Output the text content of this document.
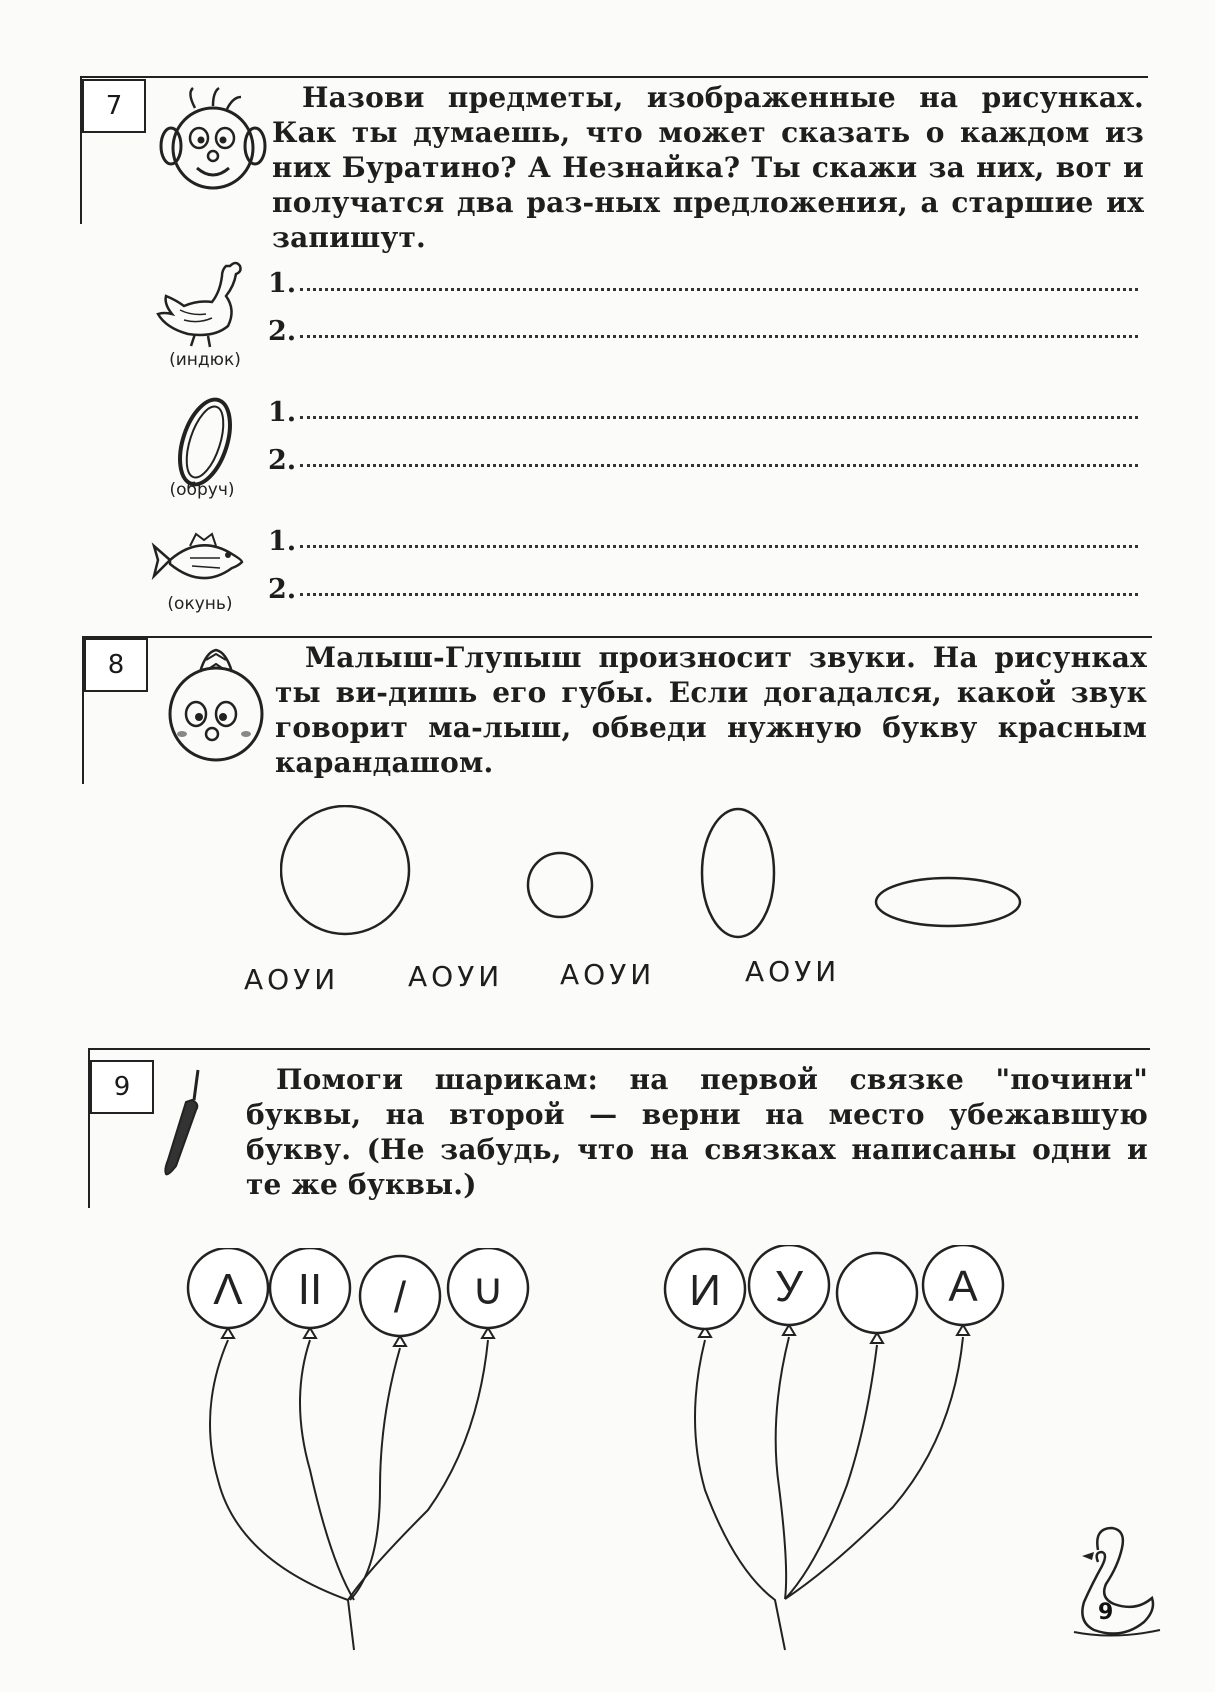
7	Назови предметы, изображенные на рисунках. Как ты думаешь, что может сказать о каждом из них Буратино? А Незнайка? Ты скажи за них, вот и получатся два раз-ных предложения, а старшие их запишут.

(индюк)
1.
2.
(обруч)
1.
2.
(окунь)
1.
2.
8	Малыш-Глупыш произносит звуки. На рисунках ты ви-дишь его губы. Если догадался, какой звук говорит ма-лыш, обведи нужную букву красным карандашом.

АОУИ АОУИ АОУИ	АОУИ
9	Помоги шарикам: на первой связке "почини" буквы, на второй — верни на место убежавшую букву. (Не забудь, что на связках написаны одни и те же буквы.)

Λ II / ∪	И У	А
9
